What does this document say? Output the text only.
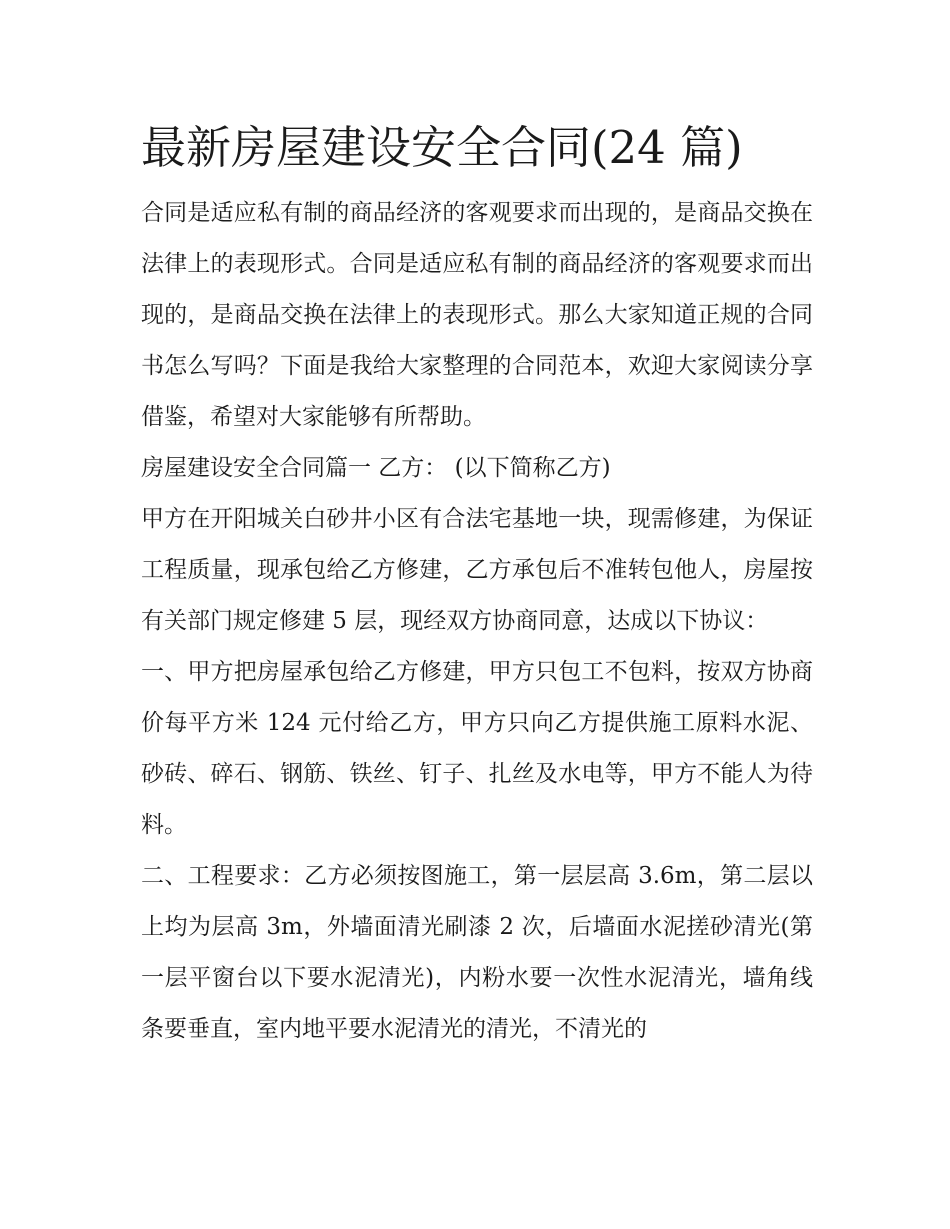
最新房屋建设安全合同(24 篇)

合同是适应私有制的商品经济的客观要求而出现的，是商品交换在法律上的表现形式。合同是适应私有制的商品经济的客观要求而出现的，是商品交换在法律上的表现形式。那么大家知道正规的合同书怎么写吗？下面是我给大家整理的合同范本，欢迎大家阅读分享借鉴，希望对大家能够有所帮助。

房屋建设安全合同篇一 乙方： (以下简称乙方)

甲方在开阳城关白砂井小区有合法宅基地一块，现需修建，为保证工程质量，现承包给乙方修建，乙方承包后不准转包他人，房屋按有关部门规定修建 5 层，现经双方协商同意，达成以下协议：

一、甲方把房屋承包给乙方修建，甲方只包工不包料，按双方协商价每平方米 124 元付给乙方，甲方只向乙方提供施工原料水泥、砂砖、碎石、钢筋、铁丝、钉子、扎丝及水电等，甲方不能人为待料。

二、工程要求：乙方必须按图施工，第一层层高 3.6m，第二层以上均为层高 3m，外墙面清光刷漆 2 次，后墙面水泥搓砂清光(第一层平窗台以下要水泥清光)，内粉水要一次性水泥清光，墙角线条要垂直，室内地平要水泥清光的清光，不清光的
